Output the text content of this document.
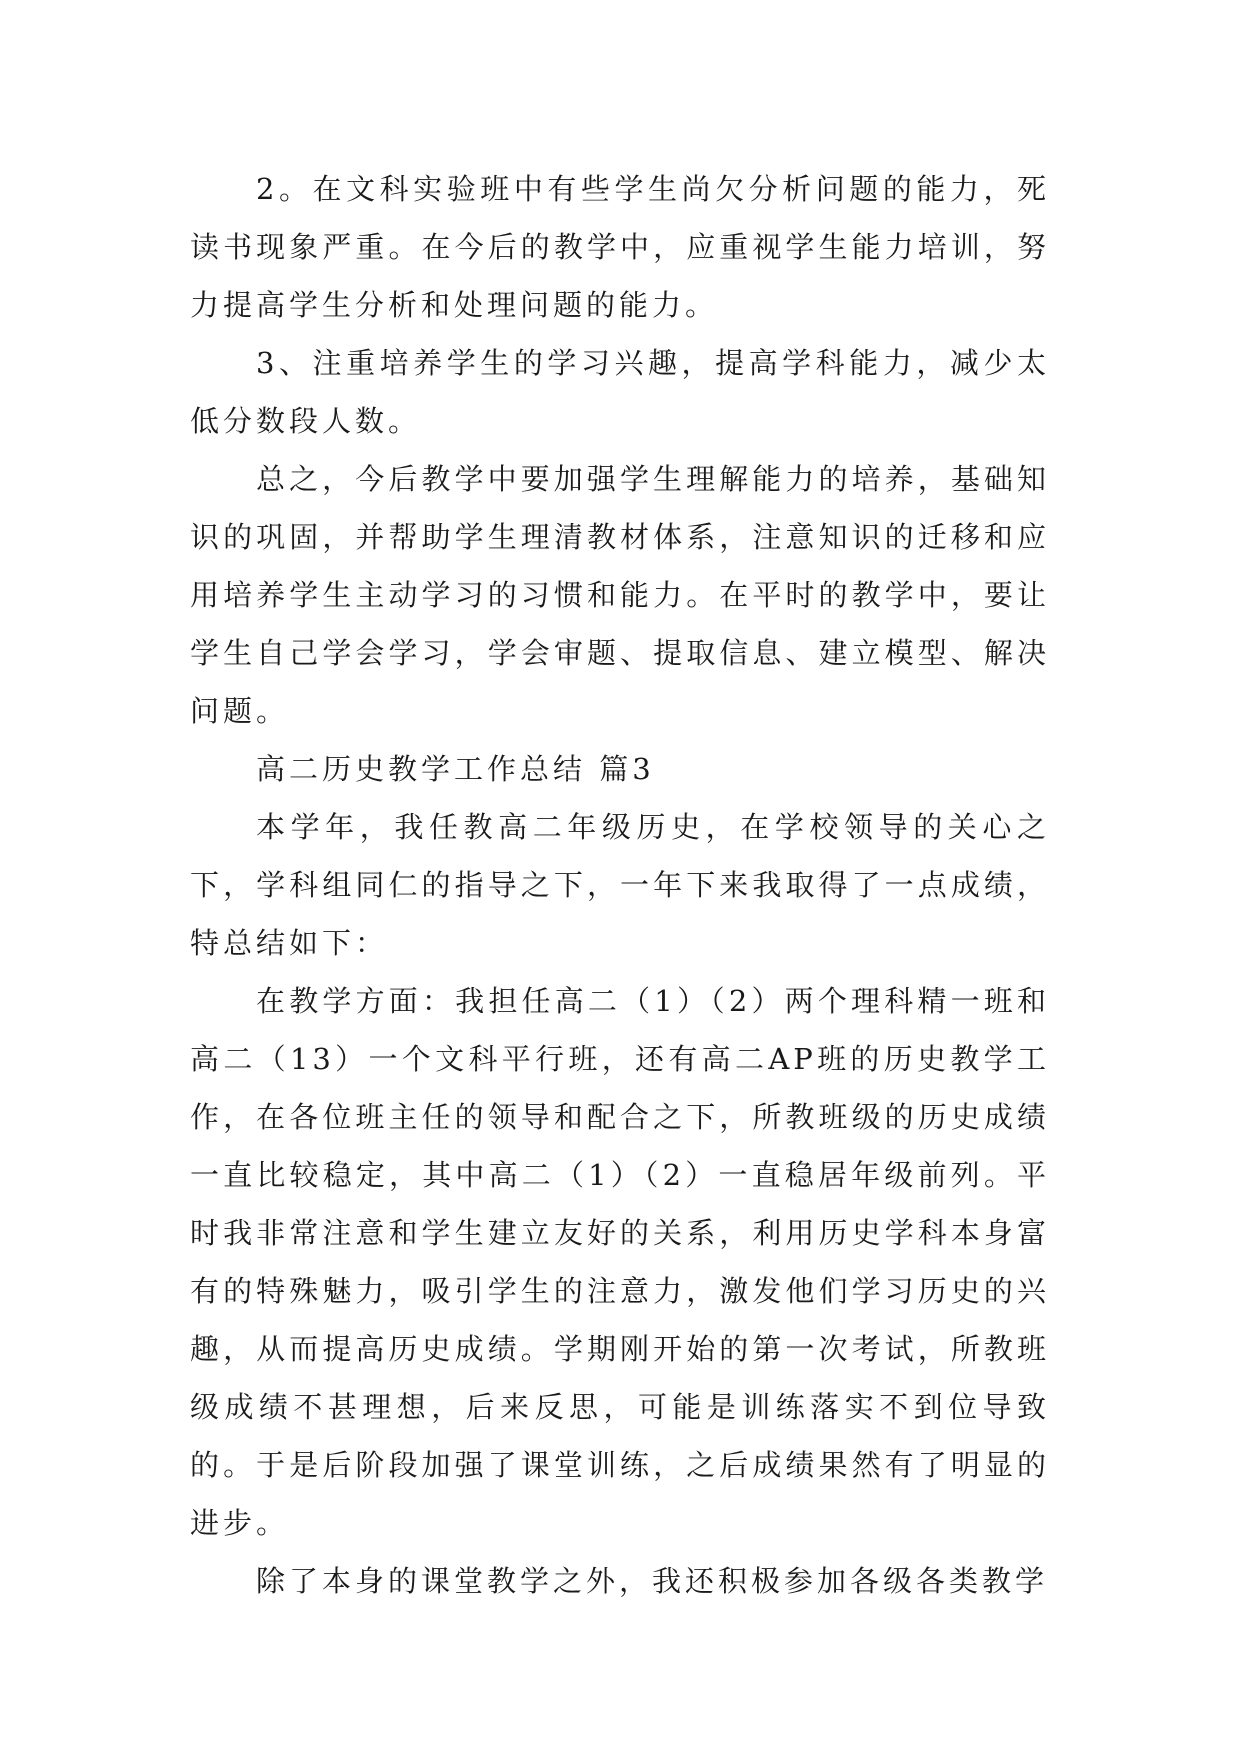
2。在文科实验班中有些学生尚欠分析问题的能力，死读书现象严重。在今后的教学中，应重视学生能力培训，努力提高学生分析和处理问题的能力。

3、注重培养学生的学习兴趣，提高学科能力，减少太低分数段人数。

总之，今后教学中要加强学生理解能力的培养，基础知识的巩固，并帮助学生理清教材体系，注意知识的迁移和应用培养学生主动学习的习惯和能力。在平时的教学中，要让学生自己学会学习，学会审题、提取信息、建立模型、解决问题。

高二历史教学工作总结 篇3

本学年，我任教高二年级历史，在学校领导的关心之下，学科组同仁的指导之下，一年下来我取得了一点成绩，特总结如下：

在教学方面：我担任高二（1）（2）两个理科精一班和高二（13）一个文科平行班，还有高二AP班的历史教学工作，在各位班主任的领导和配合之下，所教班级的历史成绩一直比较稳定，其中高二（1）（2）一直稳居年级前列。平时我非常注意和学生建立友好的关系，利用历史学科本身富有的特殊魅力，吸引学生的注意力，激发他们学习历史的兴趣，从而提高历史成绩。学期刚开始的第一次考试，所教班级成绩不甚理想，后来反思，可能是训练落实不到位导致的。于是后阶段加强了课堂训练，之后成绩果然有了明显的进步。

除了本身的课堂教学之外，我还积极参加各级各类教学
